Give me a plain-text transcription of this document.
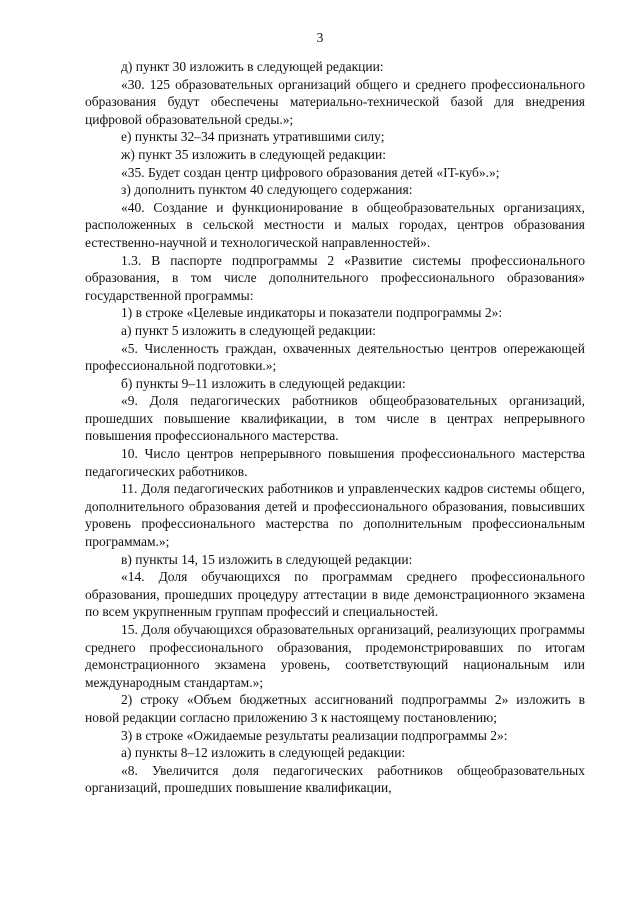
3

д) пункт 30 изложить в следующей редакции:

«30. 125 образовательных организаций общего и среднего профессионального образования будут обеспечены материально-технической базой для внедрения цифровой образовательной среды.»;

е) пункты 32–34 признать утратившими силу;

ж) пункт 35 изложить в следующей редакции:

«35. Будет создан центр цифрового образования детей «IT-куб».»;

з) дополнить пунктом 40 следующего содержания:

«40. Создание и функционирование в общеобразовательных организациях, расположенных в сельской местности и малых городах, центров образования естественно-научной и технологической направленностей».

1.3. В паспорте подпрограммы 2 «Развитие системы профессионального образования, в том числе дополнительного профессионального образования» государственной программы:

1) в строке «Целевые индикаторы и показатели подпрограммы 2»:

а) пункт 5 изложить в следующей редакции:

«5. Численность граждан, охваченных деятельностью центров опережающей профессиональной подготовки.»;

б) пункты 9–11 изложить в следующей редакции:

«9. Доля педагогических работников общеобразовательных организаций, прошедших повышение квалификации, в том числе в центрах непрерывного повышения профессионального мастерства.

10. Число центров непрерывного повышения профессионального мастерства педагогических работников.

11. Доля педагогических работников и управленческих кадров системы общего, дополнительного образования детей и профессионального образования, повысивших уровень профессионального мастерства по дополнительным профессиональным программам.»;

в) пункты 14, 15 изложить в следующей редакции:

«14. Доля обучающихся по программам среднего профессионального образования, прошедших процедуру аттестации в виде демонстрационного экзамена по всем укрупненным группам профессий и специальностей.

15. Доля обучающихся образовательных организаций, реализующих программы среднего профессионального образования, продемонстрировавших по итогам демонстрационного экзамена уровень, соответствующий национальным или международным стандартам.»;

2) строку «Объем бюджетных ассигнований подпрограммы 2» изложить в новой редакции согласно приложению 3 к настоящему постановлению;

3) в строке «Ожидаемые результаты реализации подпрограммы 2»:

а) пункты 8–12 изложить в следующей редакции:

«8. Увеличится доля педагогических работников общеобразовательных организаций, прошедших повышение квалификации,
